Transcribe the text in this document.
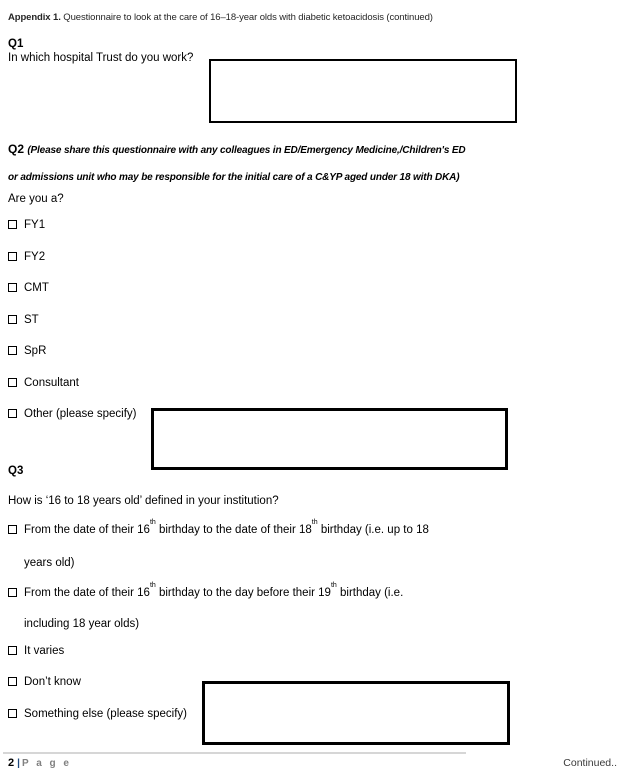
Appendix 1. Questionnaire to look at the care of 16–18-year olds with diabetic ketoacidosis (continued)
Q1
In which hospital Trust do you work?
Q2 (Please share this questionnaire with any colleagues in ED/Emergency Medicine,/Children's ED
or admissions unit who may be responsible for the initial care of a C&YP aged under 18 with DKA)
Are you a?
FY1
FY2
CMT
ST
SpR
Consultant
Other (please specify)
Q3
How is ‘16 to 18 years old’ defined in your institution?
From the date of their 16th birthday to the date of their 18th birthday (i.e. up to 18
years old)
From the date of their 16th birthday to the day before their 19th birthday (i.e.
including 18 year olds)
It varies
Don’t know
Something else (please specify)
2 | P a g e	Continued..
